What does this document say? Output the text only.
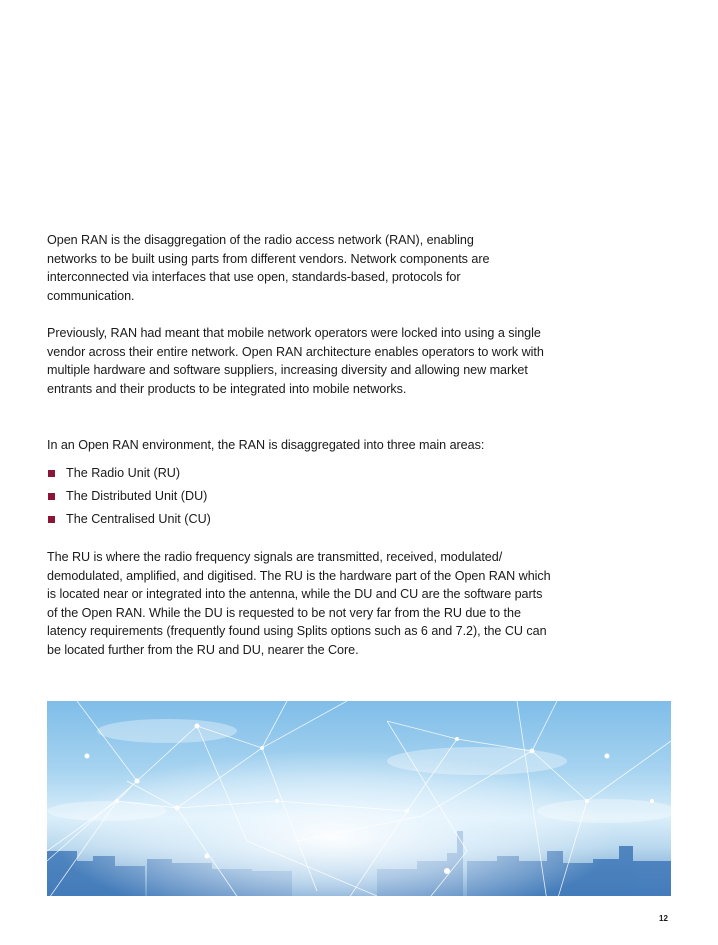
Open RAN is the disaggregation of the radio access network (RAN), enabling networks to be built using parts from different vendors. Network components are interconnected via interfaces that use open, standards-based, protocols for communication.

Previously, RAN had meant that mobile network operators were locked into using a single vendor across their entire network. Open RAN architecture enables operators to work with multiple hardware and software suppliers, increasing diversity and allowing new market entrants and their products to be integrated into mobile networks.

In an Open RAN environment, the RAN is disaggregated into three main areas:

The Radio Unit (RU)
The Distributed Unit (DU)
The Centralised Unit (CU)

The RU is where the radio frequency signals are transmitted, received, modulated/ demodulated, amplified, and digitised. The RU is the hardware part of the Open RAN which is located near or integrated into the antenna, while the DU and CU are the software parts of the Open RAN. While the DU is requested to be not very far from the RU due to the latency requirements (frequently found using Splits options such as 6 and 7.2), the CU can be located further from the RU and DU, nearer the Core.

12
